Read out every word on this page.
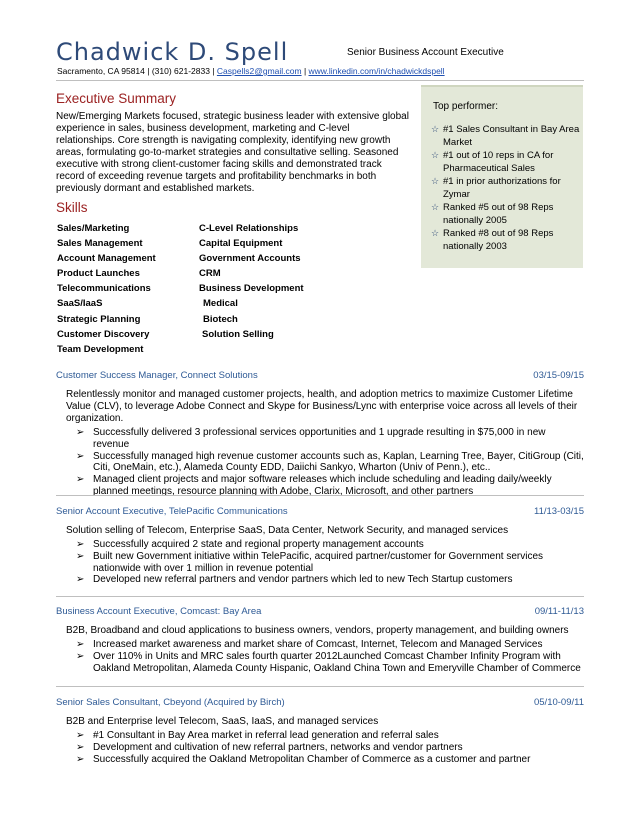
Chadwick D. Spell	Senior Business Account Executive
Sacramento, CA 95814 | (310) 621-2833 | Caspells2@gmail.com | www.linkedin.com/in/chadwickdspell
Executive Summary
New/Emerging Markets focused, strategic business leader with extensive global experience in sales, business development, marketing and C-level relationships. Core strength is navigating complexity, identifying new growth areas, formulating go-to-market strategies and consultative selling. Seasoned executive with strong client-customer facing skills and demonstrated track record of exceeding revenue targets and profitability benchmarks in both previously dormant and established markets.
Skills
Sales/Marketing	C-Level Relationships
Sales Management	Capital Equipment
Account Management	Government Accounts
Product Launches	CRM
Telecommunications	Business Development
SaaS/IaaS	Medical
Strategic Planning	Biotech
Customer Discovery	Solution Selling
Team Development
Top performer:
☆ #1 Sales Consultant in Bay Area Market
☆ #1 out of 10 reps in CA for Pharmaceutical Sales
☆ #1 in prior authorizations for Zymar
☆ Ranked #5 out of 98 Reps nationally 2005
☆ Ranked #8 out of 98 Reps nationally 2003
Customer Success Manager, Connect Solutions	03/15-09/15
Relentlessly monitor and managed customer projects, health, and adoption metrics to maximize Customer Lifetime Value (CLV), to leverage Adobe Connect and Skype for Business/Lync with enterprise voice across all levels of their organization.
➢ Successfully delivered 3 professional services opportunities and 1 upgrade resulting in $75,000 in new revenue
➢ Successfully managed high revenue customer accounts such as, Kaplan, Learning Tree, Bayer, CitiGroup (Citi, Citi, OneMain, etc.), Alameda County EDD, Daiichi Sankyo, Wharton (Univ of Penn.), etc..
➢ Managed client projects and major software releases which include scheduling and leading daily/weekly planned meetings, resource planning with Adobe, Clarix, Microsoft, and other partners
Senior Account Executive, TelePacific Communications	11/13-03/15
Solution selling of Telecom, Enterprise SaaS, Data Center, Network Security, and managed services
➢ Successfully acquired 2 state and regional property management accounts
➢ Built new Government initiative within TelePacific, acquired partner/customer for Government services nationwide with over 1 million in revenue potential
➢ Developed new referral partners and vendor partners which led to new Tech Startup customers
Business Account Executive, Comcast: Bay Area	09/11-11/13
B2B, Broadband and cloud applications to business owners, vendors, property management, and building owners
➢ Increased market awareness and market share of Comcast, Internet, Telecom and Managed Services
➢ Over 110% in Units and MRC sales fourth quarter 2012Launched Comcast Chamber Infinity Program with Oakland Metropolitan, Alameda County Hispanic, Oakland China Town and Emeryville Chamber of Commerce
Senior Sales Consultant, Cbeyond (Acquired by Birch)	05/10-09/11
B2B and Enterprise level Telecom, SaaS, IaaS, and managed services
➢ #1 Consultant in Bay Area market in referral lead generation and referral sales
➢ Development and cultivation of new referral partners, networks and vendor partners
➢ Successfully acquired the Oakland Metropolitan Chamber of Commerce as a customer and partner
